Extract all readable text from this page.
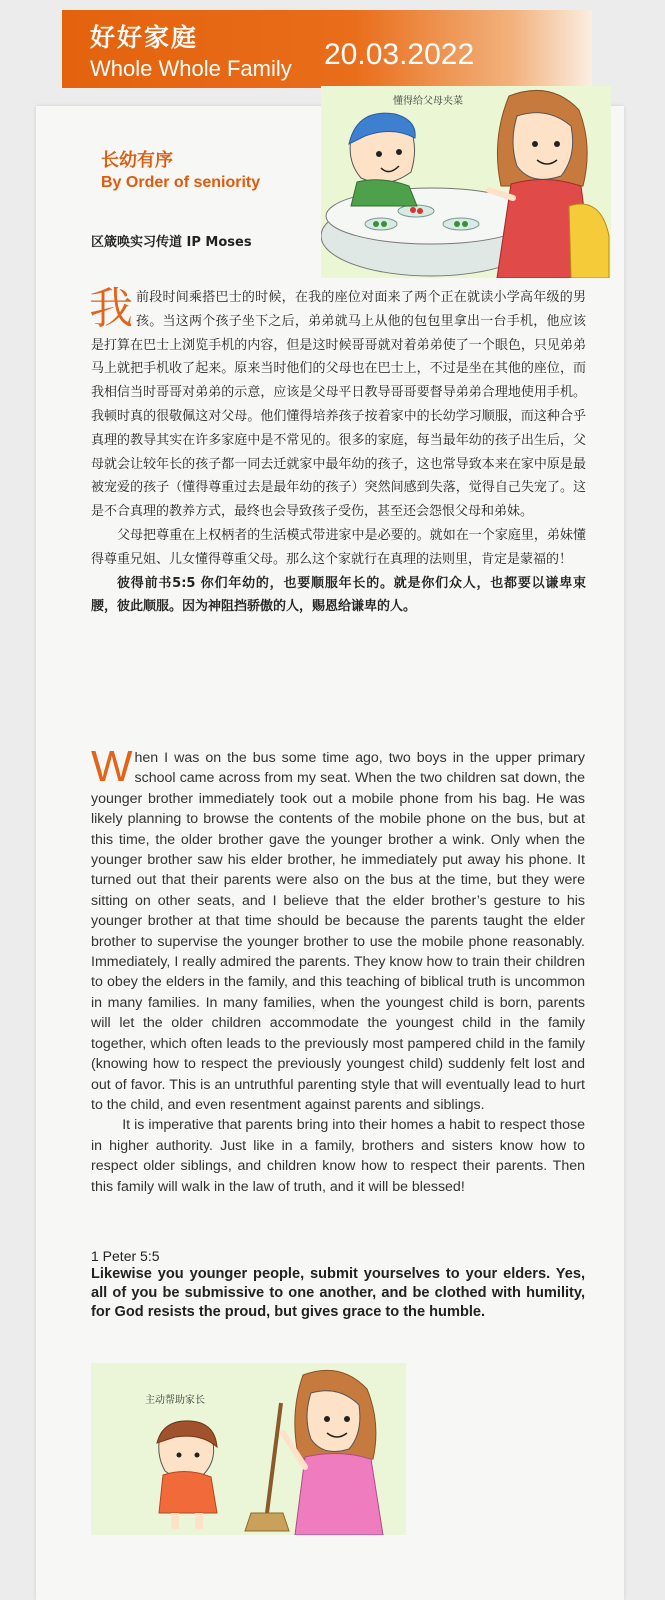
好好家庭
Whole Whole Family 20.03.2022
懂得给父母夹菜
长幼有序
By Order of seniority
区箴唤实习传道 IP Moses

我前段时间乘搭巴士的时候，在我的座位对面来了两个正在就读小学高年级的男孩。当这两个孩子坐下之后，弟弟就马上从他的包包里拿出一台手机，他应该是打算在巴士上浏览手机的内容，但是这时候哥哥就对着弟弟使了一个眼色，只见弟弟马上就把手机收了起来。原来当时他们的父母也在巴士上，不过是坐在其他的座位，而我相信当时哥哥对弟弟的示意，应该是父母平日教导哥哥要督导弟弟合理地使用手机。我顿时真的很敬佩这对父母。他们懂得培养孩子按着家中的长幼学习顺服，而这种合乎真理的教导其实在许多家庭中是不常见的。很多的家庭，每当最年幼的孩子出生后，父母就会让较年长的孩子都一同去迁就家中最年幼的孩子，这也常导致本来在家中原是最被宠爱的孩子（懂得尊重过去是最年幼的孩子）突然间感到失落，觉得自己失宠了。这是不合真理的教养方式，最终也会导致孩子受伤，甚至还会怨恨父母和弟妹。

父母把尊重在上权柄者的生活模式带进家中是必要的。就如在一个家庭里，弟妹懂得尊重兄姐、儿女懂得尊重父母。那么这个家就行在真理的法则里，肯定是蒙福的！

彼得前书5:5 你们年幼的，也要顺服年长的。就是你们众人，也都要以谦卑束腰，彼此顺服。因为神阻挡骄傲的人，赐恩给谦卑的人。

When I was on the bus some time ago, two boys in the upper primary school came across from my seat. When the two children sat down, the younger brother immediately took out a mobile phone from his bag. He was likely planning to browse the contents of the mobile phone on the bus, but at this time, the older brother gave the younger brother a wink. Only when the younger brother saw his elder brother, he immediately put away his phone. It turned out that their parents were also on the bus at the time, but they were sitting on other seats, and I believe that the elder brother’s gesture to his younger brother at that time should be because the parents taught the elder brother to supervise the younger brother to use the mobile phone reasonably. Immediately, I really admired the parents. They know how to train their children to obey the elders in the family, and this teaching of biblical truth is uncommon in many families. In many families, when the youngest child is born, parents will let the older children accommodate the youngest child in the family together, which often leads to the previously most pampered child in the family (knowing how to respect the previously youngest child) suddenly felt lost and out of favor. This is an untruthful parenting style that will eventually lead to hurt to the child, and even resentment against parents and siblings.

It is imperative that parents bring into their homes a habit to respect those in higher authority. Just like in a family, brothers and sisters know how to respect older siblings, and children know how to respect their parents. Then this family will walk in the law of truth, and it will be blessed!

1 Peter 5:5
Likewise you younger people, submit yourselves to your elders. Yes, all of you be submissive to one another, and be clothed with humility, for God resists the proud, but gives grace to the humble.
主动帮助家长
